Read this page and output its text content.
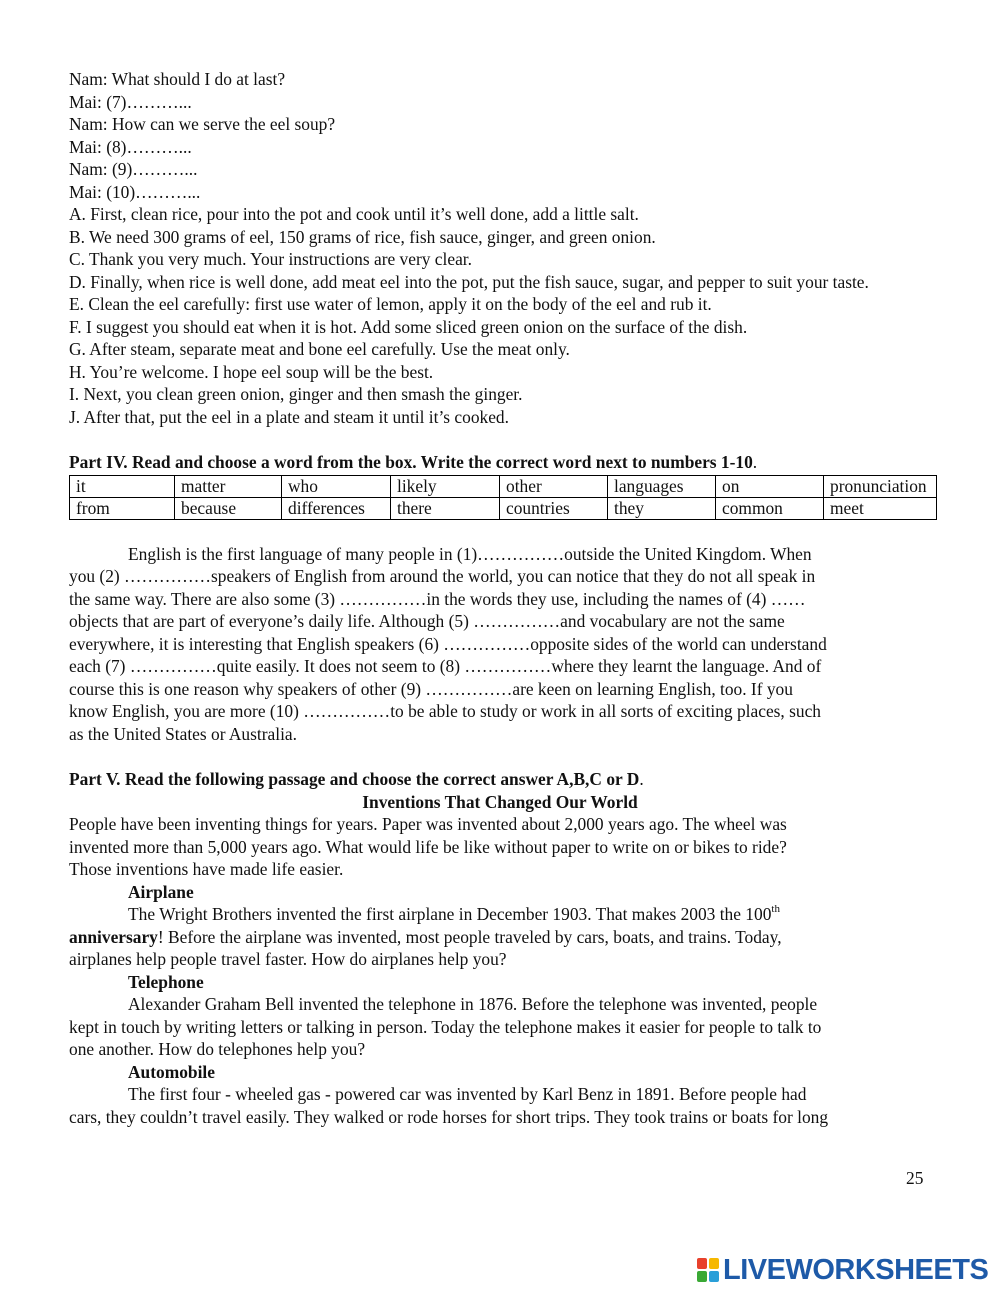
Nam: What should I do at last?
Mai: (7)………...
Nam: How can we serve the eel soup?
Mai: (8)………...
Nam: (9)………...
Mai: (10)………...
A. First, clean rice, pour into the pot and cook until it’s well done, add a little salt.
B. We need 300 grams of eel, 150 grams of rice, fish sauce, ginger, and green onion.
C. Thank you very much. Your instructions are very clear.
D. Finally, when rice is well done, add meat eel into the pot, put the fish sauce, sugar, and pepper to suit your taste.
E. Clean the eel carefully: first use water of lemon, apply it on the body of the eel and rub it.
F. I suggest you should eat when it is hot. Add some sliced green onion on the surface of the dish.
G. After steam, separate meat and bone eel carefully. Use the meat only.
H. You’re welcome. I hope eel soup will be the best.
I. Next, you clean green onion, ginger and then smash the ginger.
J. After that, put the eel in a plate and steam it until it’s cooked.
Part IV. Read and choose a word from the box. Write the correct word next to numbers 1-10.
it	matter	who	likely	other	languages	on	pronunciation
from	because	differences	there	countries	they	common	meet
English is the first language of many people in (1)……………outside the United Kingdom. When
you (2) ……………speakers of English from around the world, you can notice that they do not all speak in
the same way. There are also some (3) ……………in the words they use, including the names of (4) ……
objects that are part of everyone’s daily life. Although (5) ……………and vocabulary are not the same
everywhere, it is interesting that English speakers (6) ……………opposite sides of the world can understand
each (7) ……………quite easily. It does not seem to (8) ……………where they learnt the language. And of
course this is one reason why speakers of other (9) ……………are keen on learning English, too. If you
know English, you are more (10) ……………to be able to study or work in all sorts of exciting places, such
as the United States or Australia.
Part V. Read the following passage and choose the correct answer A,B,C or D.
Inventions That Changed Our World
People have been inventing things for years. Paper was invented about 2,000 years ago. The wheel was
invented more than 5,000 years ago. What would life be like without paper to write on or bikes to ride?
Those inventions have made life easier.
Airplane
The Wright Brothers invented the first airplane in December 1903. That makes 2003 the 100th
anniversary! Before the airplane was invented, most people traveled by cars, boats, and trains. Today,
airplanes help people travel faster. How do airplanes help you?
Telephone
Alexander Graham Bell invented the telephone in 1876. Before the telephone was invented, people
kept in touch by writing letters or talking in person. Today the telephone makes it easier for people to talk to
one another. How do telephones help you?
Automobile
The first four - wheeled gas - powered car was invented by Karl Benz in 1891. Before people had
cars, they couldn’t travel easily. They walked or rode horses for short trips. They took trains or boats for long
25
LIVEWORKSHEETS
